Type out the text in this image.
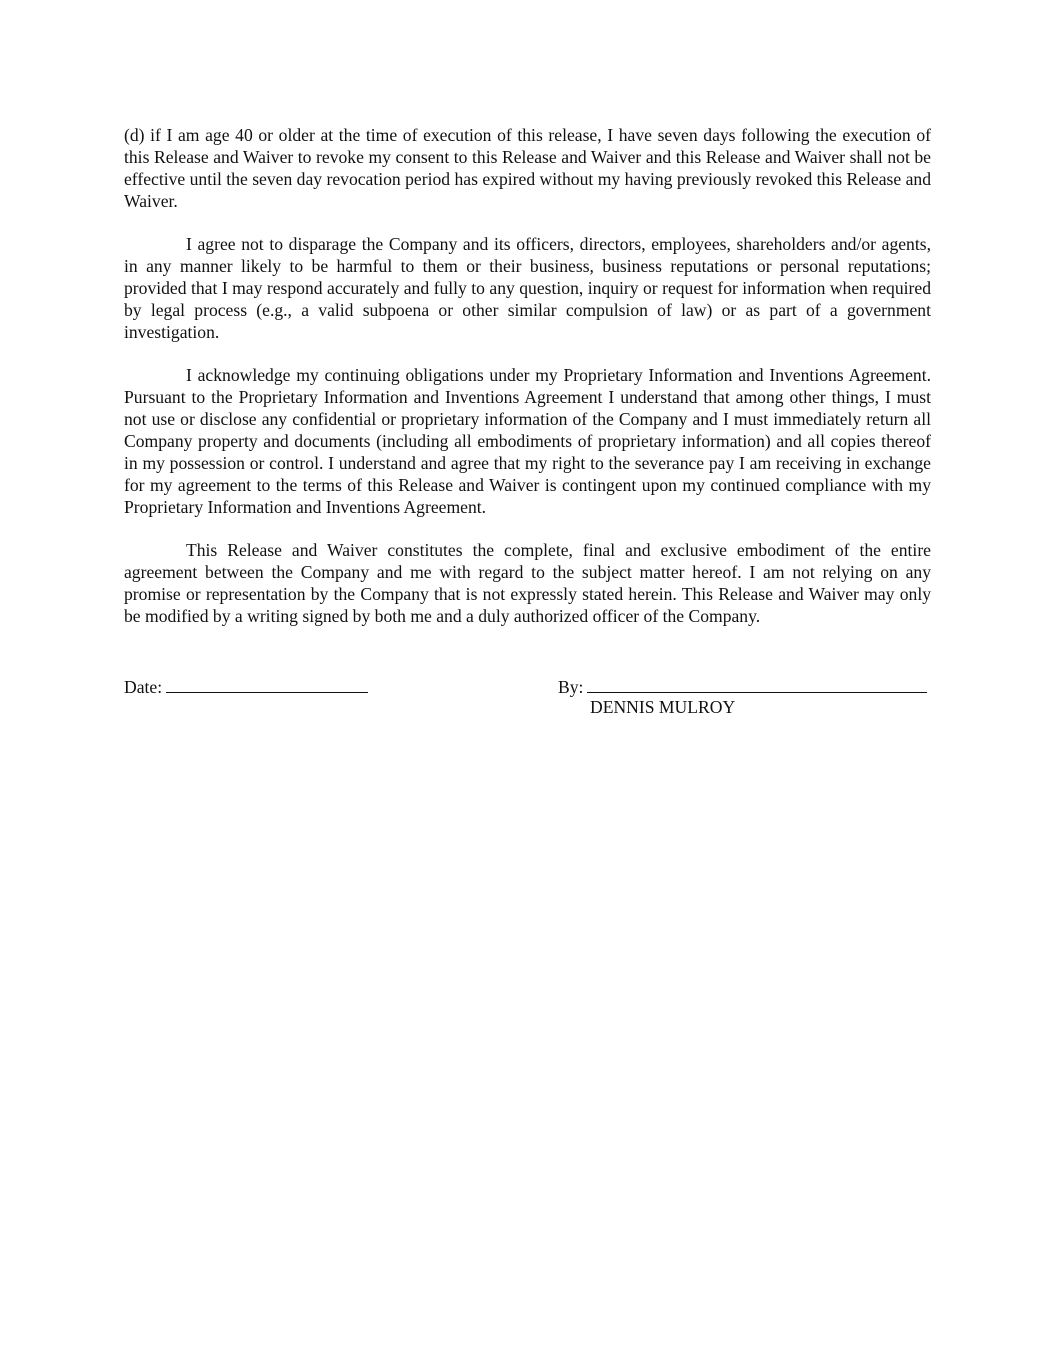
(d) if I am age 40 or older at the time of execution of this release, I have seven days following the execution of this Release and Waiver to revoke my consent to this Release and Waiver and this Release and Waiver shall not be effective until the seven day revocation period has expired without my having previously revoked this Release and Waiver.

I agree not to disparage the Company and its officers, directors, employees, shareholders and/or agents, in any manner likely to be harmful to them or their business, business reputations or personal reputations; provided that I may respond accurately and fully to any question, inquiry or request for information when required by legal process (e.g., a valid subpoena or other similar compulsion of law) or as part of a government investigation.

I acknowledge my continuing obligations under my Proprietary Information and Inventions Agreement. Pursuant to the Proprietary Information and Inventions Agreement I understand that among other things, I must not use or disclose any confidential or proprietary information of the Company and I must immediately return all Company property and documents (including all embodiments of proprietary information) and all copies thereof in my possession or control. I understand and agree that my right to the severance pay I am receiving in exchange for my agreement to the terms of this Release and Waiver is contingent upon my continued compliance with my Proprietary Information and Inventions Agreement.

This Release and Waiver constitutes the complete, final and exclusive embodiment of the entire agreement between the Company and me with regard to the subject matter hereof. I am not relying on any promise or representation by the Company that is not expressly stated herein. This Release and Waiver may only be modified by a writing signed by both me and a duly authorized officer of the Company.

Date:	By:
DENNIS MULROY
